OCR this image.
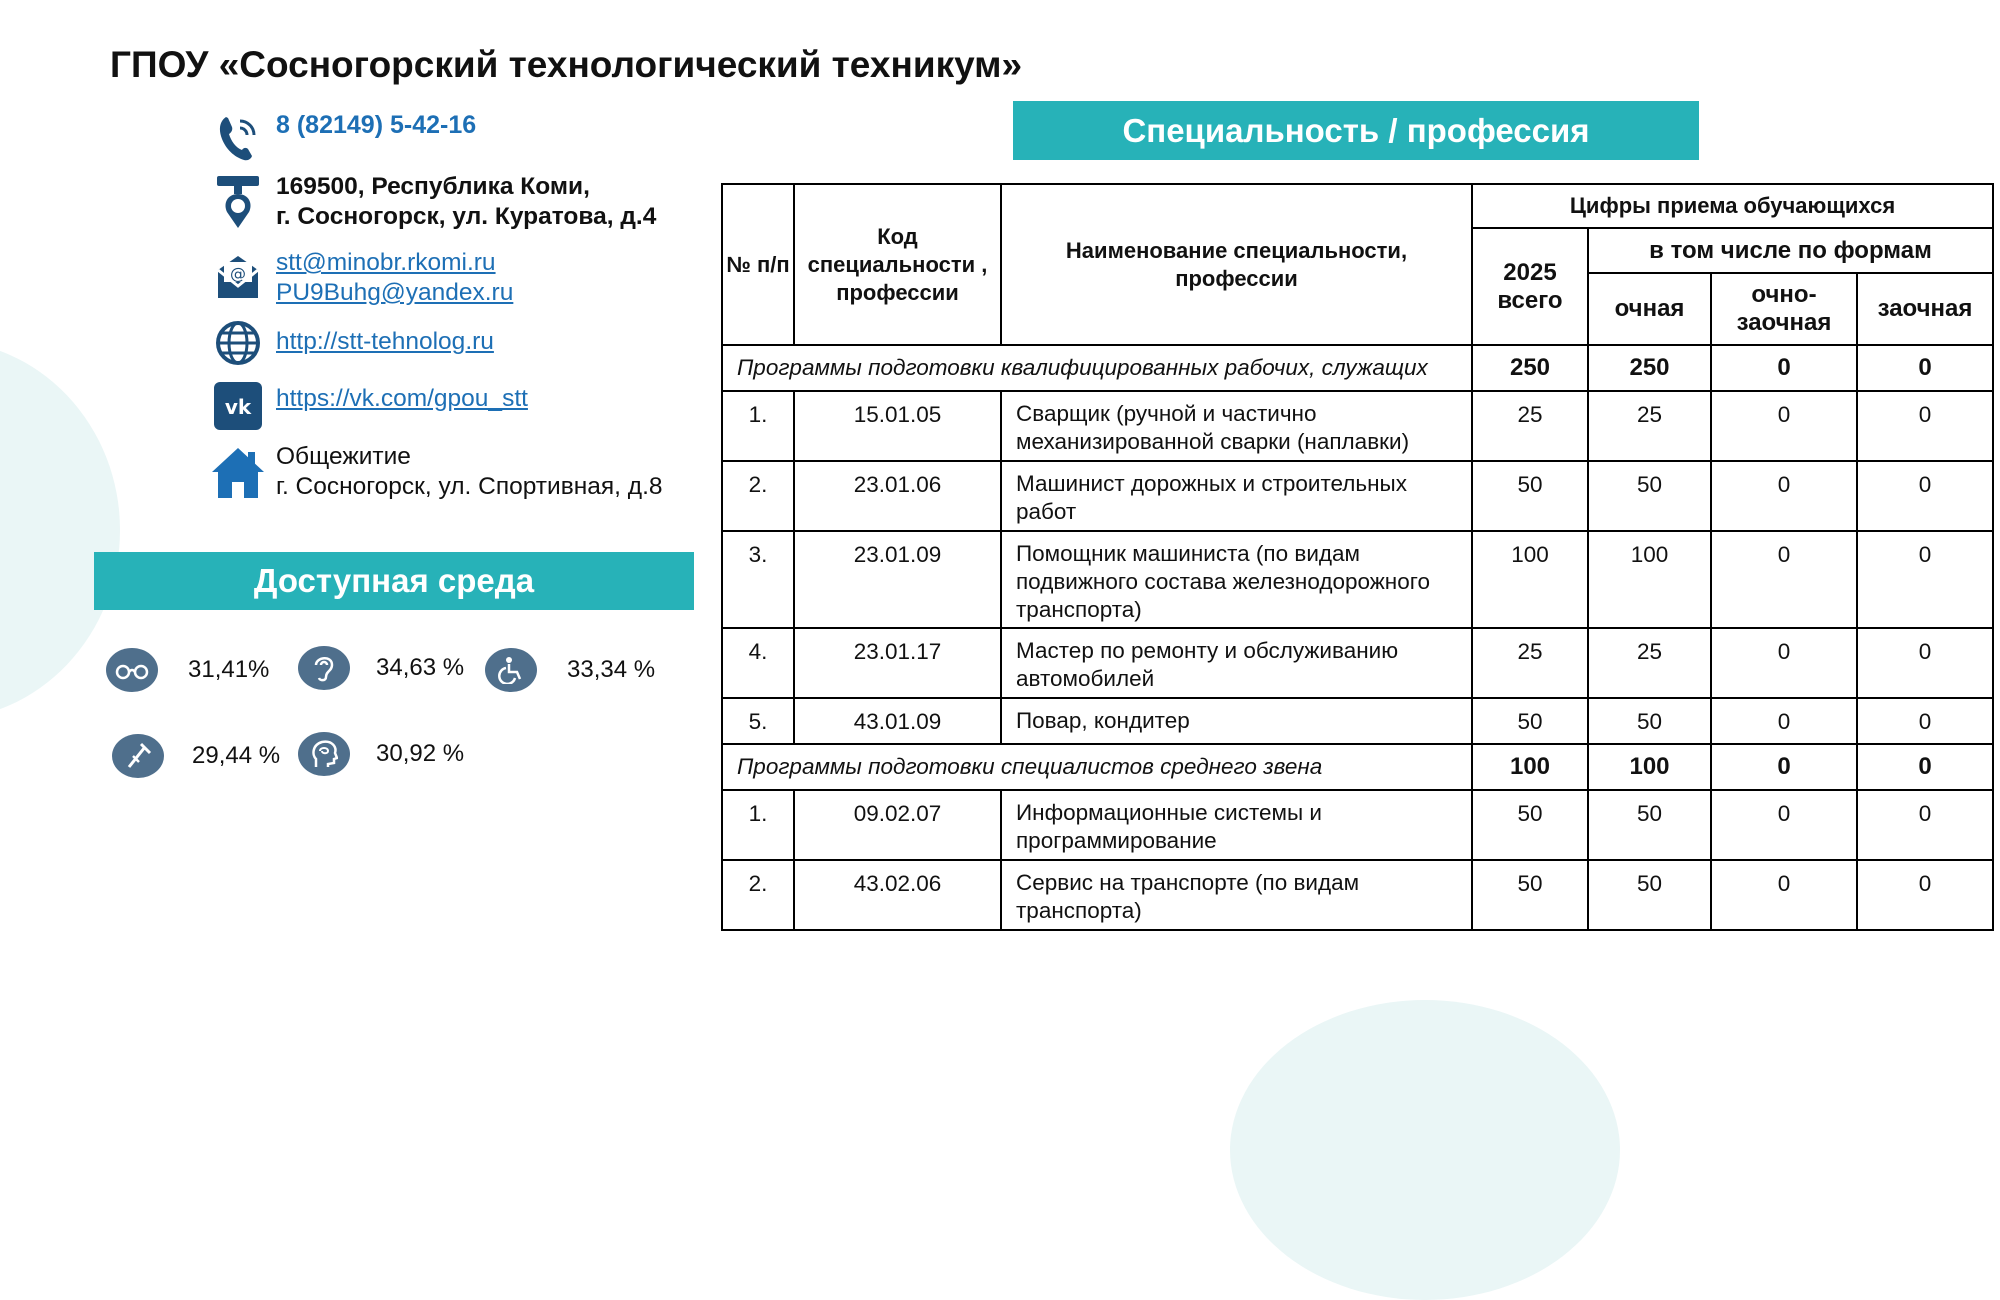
ГПОУ «Сосногорский технологический техникум»
8 (82149) 5-42-16
169500, Республика Коми,
г. Сосногорск, ул. Куратова, д.4
@ stt@minobr.rkomi.ru
PU9Buhg@yandex.ru
http://stt-tehnolog.ru
vk https://vk.com/gpou_stt
Общежитие
г. Сосногорск, ул. Спортивная, д.8
Специальность / профессия
Доступная среда
31,41%	34,63 %	33,34 %
29,44 %	30,92 %
№ п/п	Код специальности , профессии	Наименование специальности, профессии	Цифры приема обучающихся			
			2025 всего	в том числе по формам		
				очная	очно-заочная	заочная
Программы подготовки квалифицированных рабочих, служащих			250	250	0	0
1.	15.01.05	Сварщик (ручной и частично механизированной сварки (наплавки)	25	25	0	0
2.	23.01.06	Машинист дорожных и строительных работ	50	50	0	0
3.	23.01.09	Помощник машиниста (по видам подвижного состава железнодорожного транспорта)	100	100	0	0
4.	23.01.17	Мастер по ремонту и обслуживанию автомобилей	25	25	0	0
5.	43.01.09	Повар, кондитер	50	50	0	0
Программы подготовки специалистов среднего звена			100	100	0	0
1.	09.02.07	Информационные системы и программирование	50	50	0	0
2.	43.02.06	Сервис на транспорте (по видам транспорта)	50	50	0	0
